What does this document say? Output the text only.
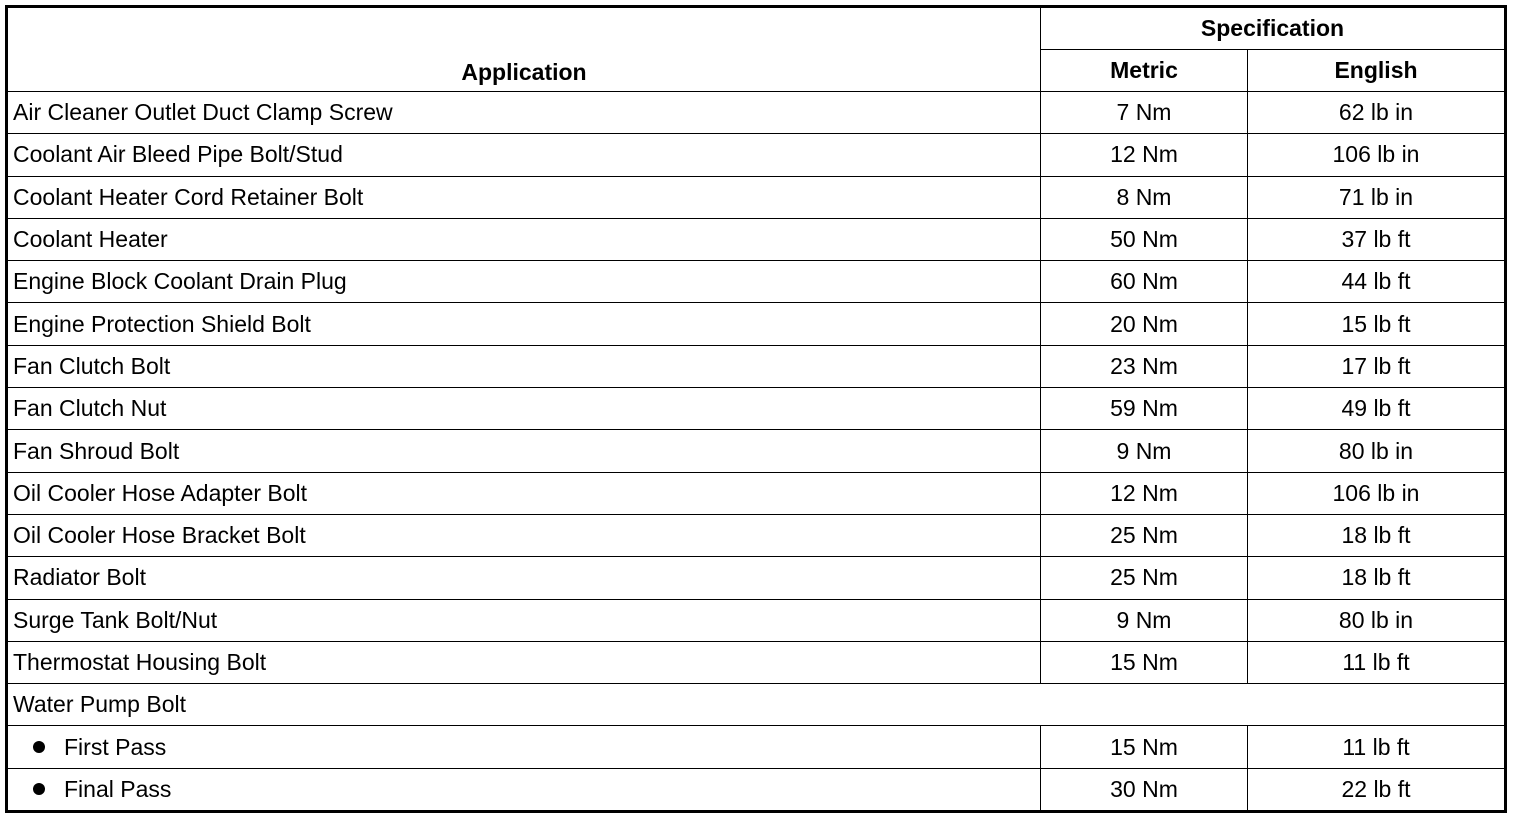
Application	Specification	
	Metric	English
Air Cleaner Outlet Duct Clamp Screw	7 Nm	62 lb in
Coolant Air Bleed Pipe Bolt/Stud	12 Nm	106 lb in
Coolant Heater Cord Retainer Bolt	8 Nm	71 lb in
Coolant Heater	50 Nm	37 lb ft
Engine Block Coolant Drain Plug	60 Nm	44 lb ft
Engine Protection Shield Bolt	20 Nm	15 lb ft
Fan Clutch Bolt	23 Nm	17 lb ft
Fan Clutch Nut	59 Nm	49 lb ft
Fan Shroud Bolt	9 Nm	80 lb in
Oil Cooler Hose Adapter Bolt	12 Nm	106 lb in
Oil Cooler Hose Bracket Bolt	25 Nm	18 lb ft
Radiator Bolt	25 Nm	18 lb ft
Surge Tank Bolt/Nut	9 Nm	80 lb in
Thermostat Housing Bolt	15 Nm	11 lb ft
Water Pump Bolt		
First Pass	15 Nm	11 lb ft
Final Pass	30 Nm	22 lb ft
